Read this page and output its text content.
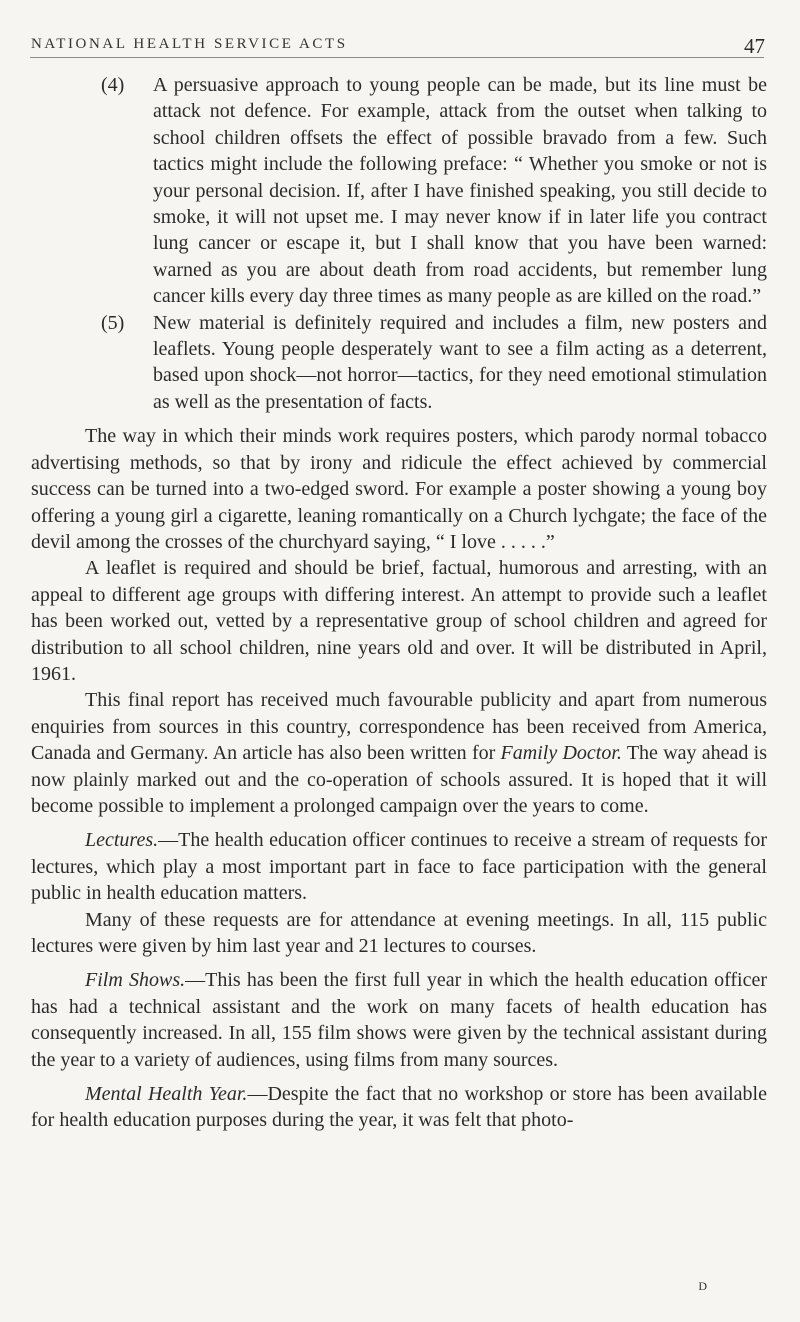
NATIONAL HEALTH SERVICE ACTS	47
(4) A persuasive approach to young people can be made, but its line must be attack not defence. For example, attack from the outset when talking to school children offsets the effect of possible bravado from a few. Such tactics might include the following preface: “ Whether you smoke or not is your personal decision. If, after I have finished speaking, you still decide to smoke, it will not upset me. I may never know if in later life you contract lung cancer or escape it, but I shall know that you have been warned: warned as you are about death from road accidents, but remember lung cancer kills every day three times as many people as are killed on the road.”

(5) New material is definitely required and includes a film, new posters and leaflets. Young people desperately want to see a film acting as a deterrent, based upon shock—not horror—tactics, for they need emotional stimulation as well as the presentation of facts.

The way in which their minds work requires posters, which parody normal tobacco advertising methods, so that by irony and ridicule the effect achieved by commercial success can be turned into a two-edged sword. For example a poster showing a young boy offering a young girl a cigarette, leaning romantically on a Church lychgate; the face of the devil among the crosses of the churchyard saying, “ I love . . . . .”

A leaflet is required and should be brief, factual, humorous and arresting, with an appeal to different age groups with differing interest. An attempt to provide such a leaflet has been worked out, vetted by a representative group of school children and agreed for distribution to all school children, nine years old and over. It will be distributed in April, 1961.

This final report has received much favourable publicity and apart from numerous enquiries from sources in this country, correspondence has been received from America, Canada and Germany. An article has also been written for Family Doctor. The way ahead is now plainly marked out and the co-operation of schools assured. It is hoped that it will become possible to implement a prolonged campaign over the years to come.

Lectures.—The health education officer continues to receive a stream of requests for lectures, which play a most important part in face to face participation with the general public in health education matters.

Many of these requests are for attendance at evening meetings. In all, 115 public lectures were given by him last year and 21 lectures to courses.

Film Shows.—This has been the first full year in which the health education officer has had a technical assistant and the work on many facets of health education has consequently increased. In all, 155 film shows were given by the technical assistant during the year to a variety of audiences, using films from many sources.

Mental Health Year.—Despite the fact that no workshop or store has been available for health education purposes during the year, it was felt that photo-

D
